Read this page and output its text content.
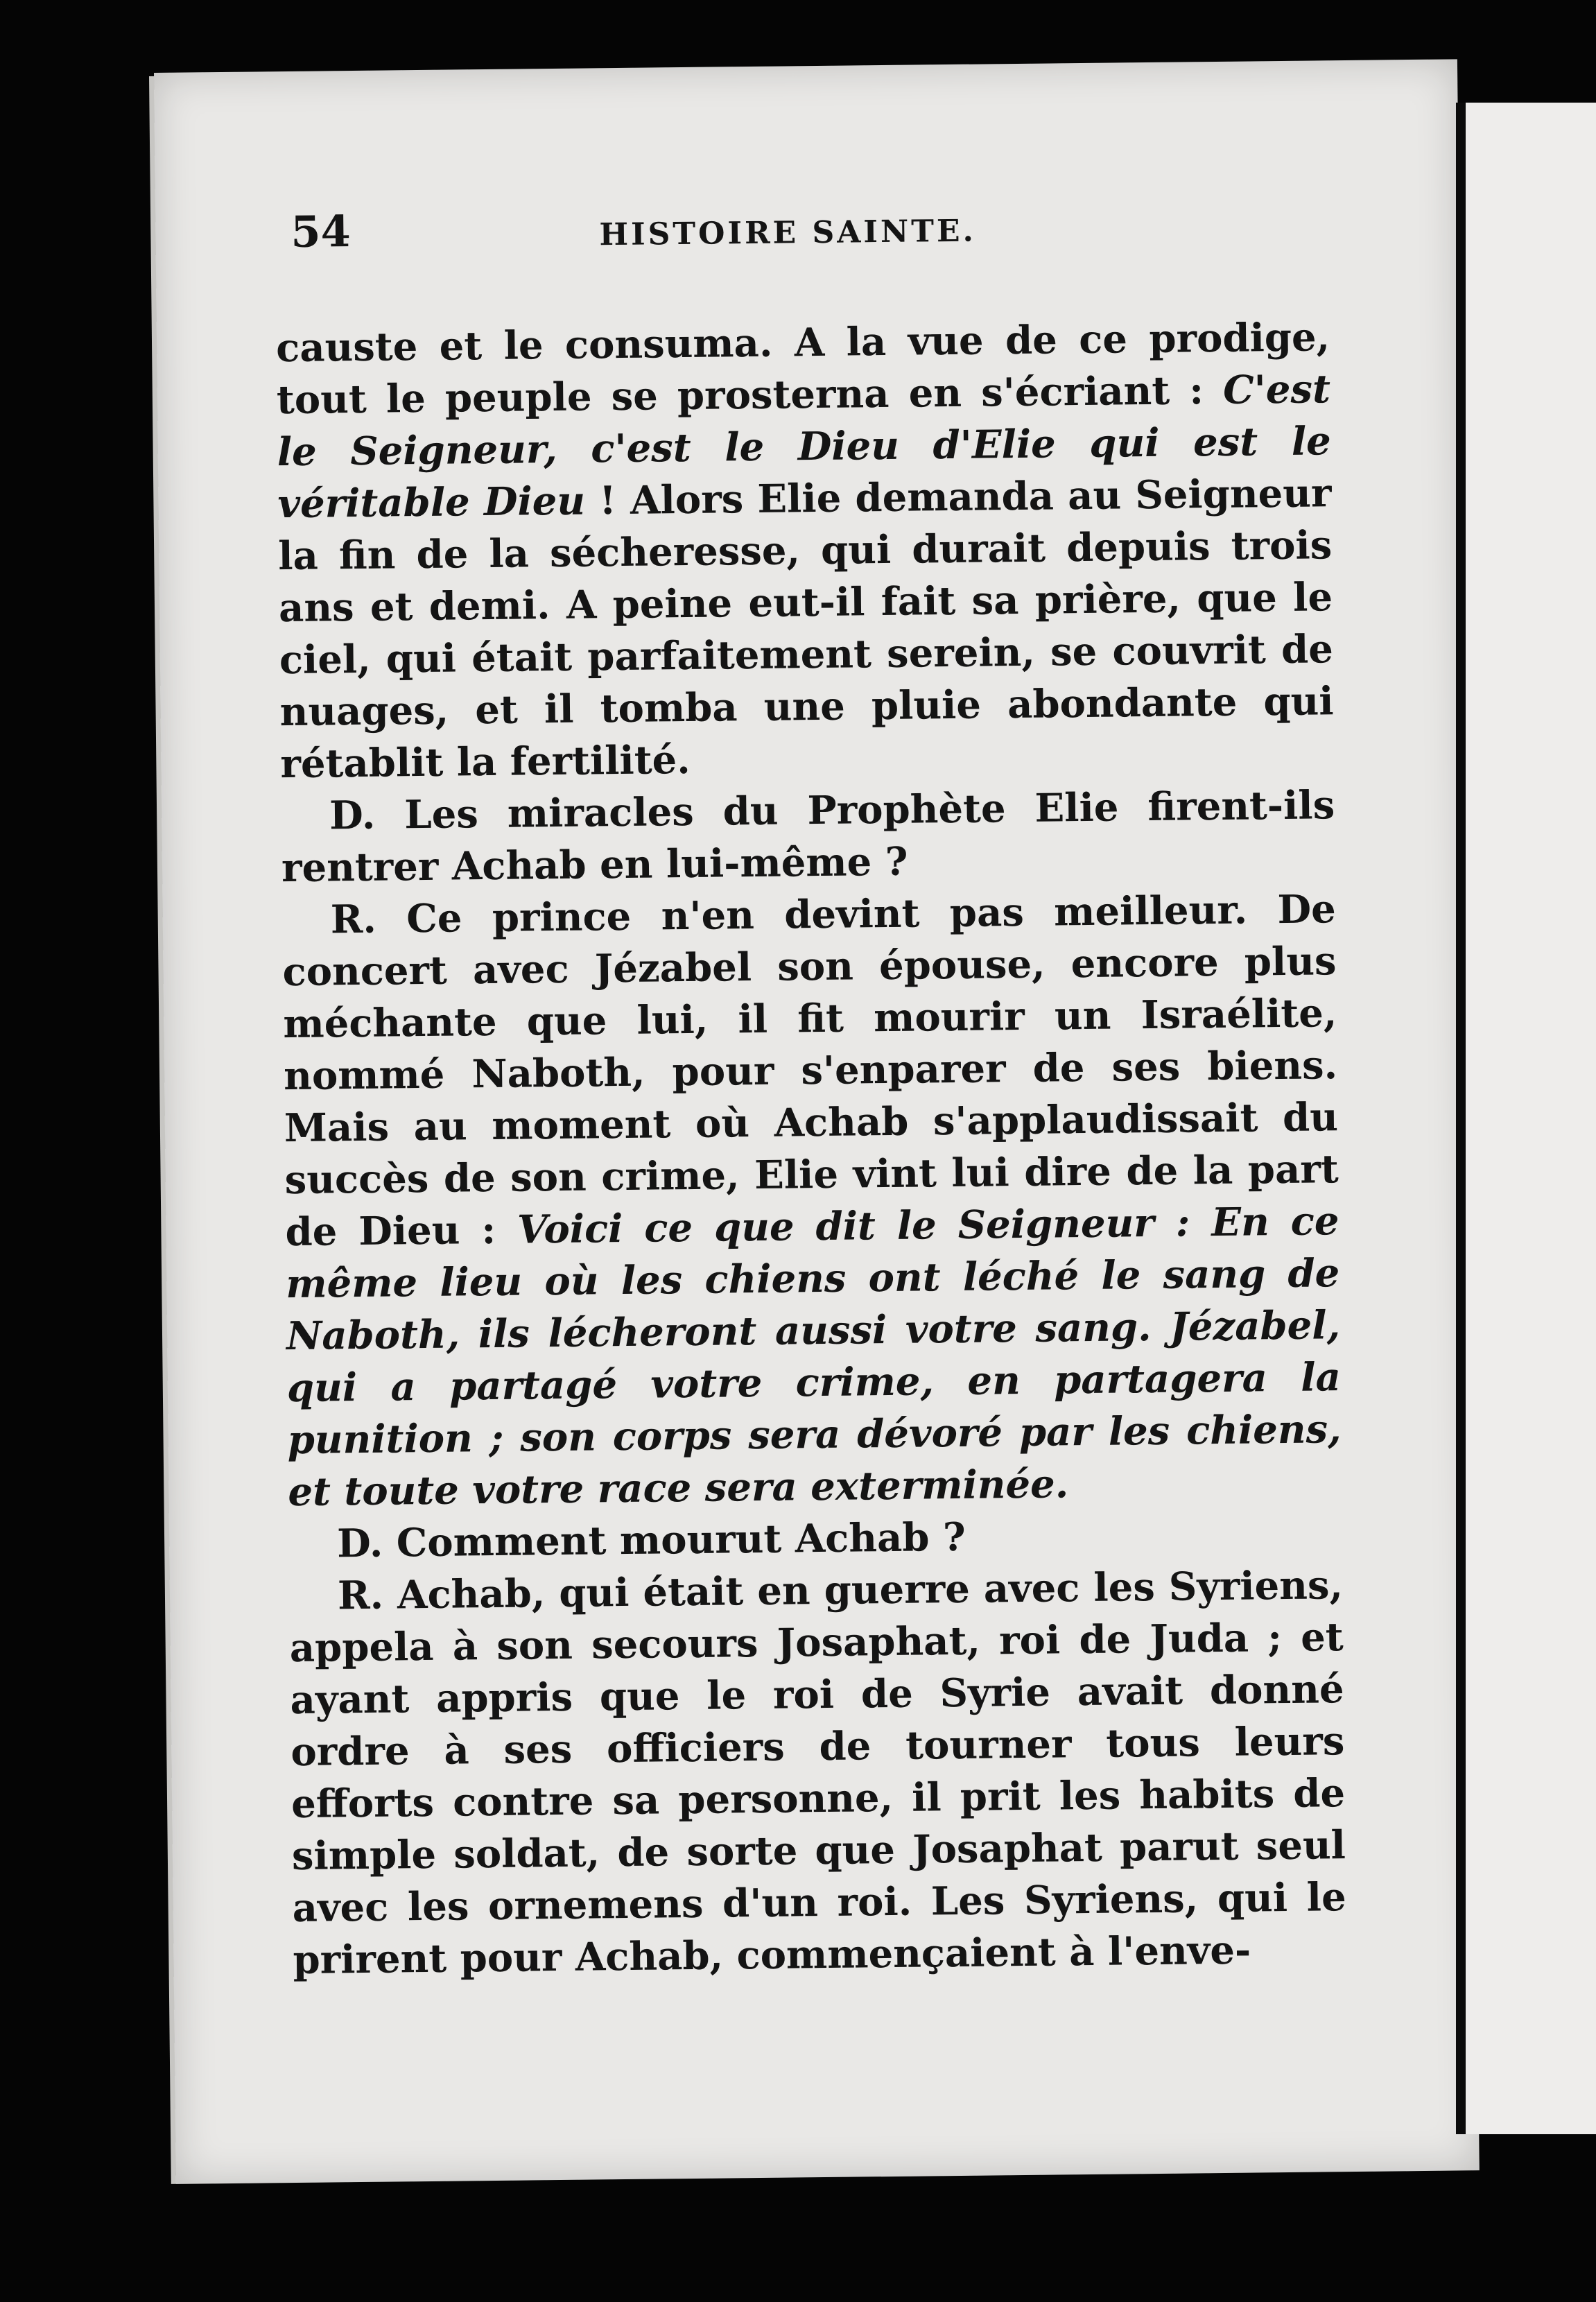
54	HISTOIRE SAINTE.

causte et le consuma. A la vue de ce prodige, tout le peuple se prosterna en s'écriant : C'est le Seigneur, c'est le Dieu d'Elie qui est le véritable Dieu ! Alors Elie demanda au Seigneur la fin de la sécheresse, qui durait depuis trois ans et demi. A peine eut-il fait sa prière, que le ciel, qui était parfaitement serein, se couvrit de nuages, et il tomba une pluie abondante qui rétablit la fertilité.

D. Les miracles du Prophète Elie firent-ils rentrer Achab en lui-même ?

R. Ce prince n'en devint pas meilleur. De concert avec Jézabel son épouse, encore plus méchante que lui, il fit mourir un Israélite, nommé Naboth, pour s'enparer de ses biens. Mais au moment où Achab s'applaudissait du succès de son crime, Elie vint lui dire de la part de Dieu : Voici ce que dit le Seigneur : En ce même lieu où les chiens ont léché le sang de Naboth, ils lécheront aussi votre sang. Jézabel, qui a partagé votre crime, en partagera la punition ; son corps sera dévoré par les chiens, et toute votre race sera exterminée.

D. Comment mourut Achab ?

R. Achab, qui était en guerre avec les Syriens, appela à son secours Josaphat, roi de Juda ; et ayant appris que le roi de Syrie avait donné ordre à ses officiers de tourner tous leurs efforts contre sa personne, il prit les habits de simple soldat, de sorte que Josaphat parut seul avec les ornemens d'un roi. Les Syriens, qui le prirent pour Achab, commençaient à l'enve-
